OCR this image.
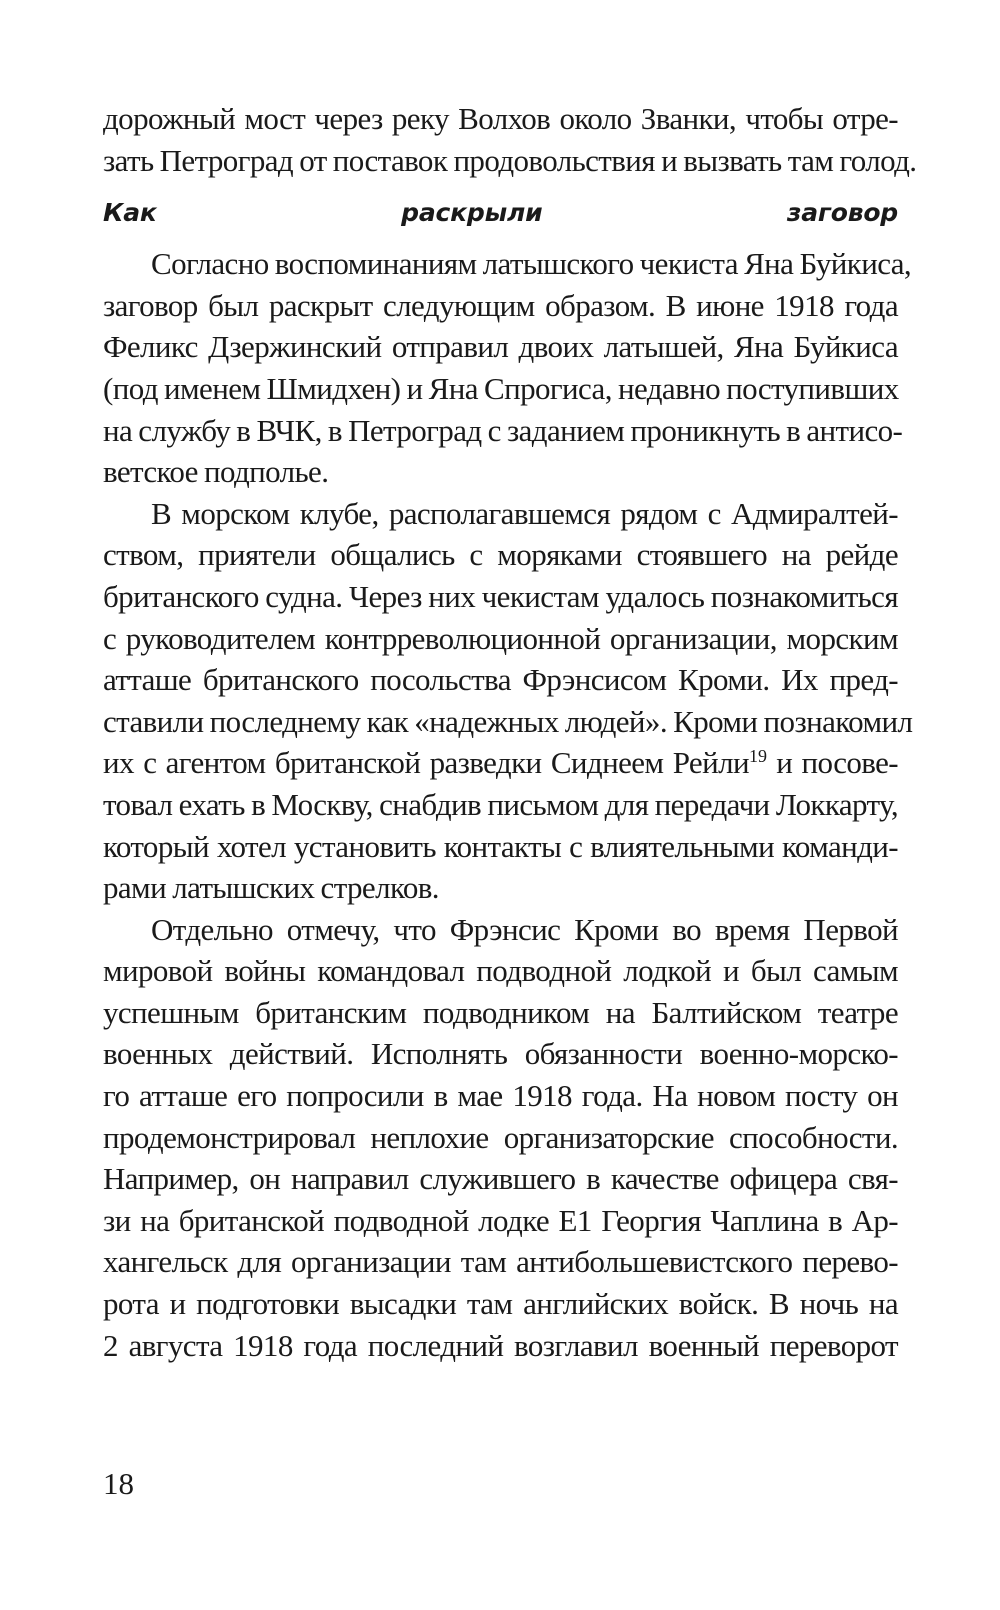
дорожный мост через реку Волхов около Званки, чтобы отре-
зать Петроград от поставок продовольствия и вызвать там голод.
Как раскрыли заговор
Согласно воспоминаниям латышского чекиста Яна Буйкиса,
заговор был раскрыт следующим образом. В июне 1918 года
Феликс Дзержинский отправил двоих латышей, Яна Буйкиса
(под именем Шмидхен) и Яна Спрогиса, недавно поступивших
на службу в ВЧК, в Петроград с заданием проникнуть в антисо-
ветское подполье.
В морском клубе, располагавшемся рядом с Адмиралтей-
ством, приятели общались с моряками стоявшего на рейде
британского судна. Через них чекистам удалось познакомиться
с руководителем контрреволюционной организации, морским
атташе британского посольства Фрэнсисом Кроми. Их пред-
ставили последнему как «надежных людей». Кроми познакомил
их с агентом британской разведки Сиднеем Рейли$^{19}$ и посове-
товал ехать в Москву, снабдив письмом для передачи Локкарту,
который хотел установить контакты с влиятельными команди-
рами латышских стрелков.
Отдельно отмечу, что Фрэнсис Кроми во время Первой
мировой войны командовал подводной лодкой и был самым
успешным британским подводником на Балтийском театре
военных действий. Исполнять обязанности военно-морско-
го атташе его попросили в мае 1918 года. На новом посту он
продемонстрировал неплохие организаторские способности.
Например, он направил служившего в качестве офицера свя-
зи на британской подводной лодке Е1 Георгия Чаплина в Ар-
хангельск для организации там антибольшевистского перево-
рота и подготовки высадки там английских войск. В ночь на
2 августа 1918 года последний возглавил военный переворот
18
